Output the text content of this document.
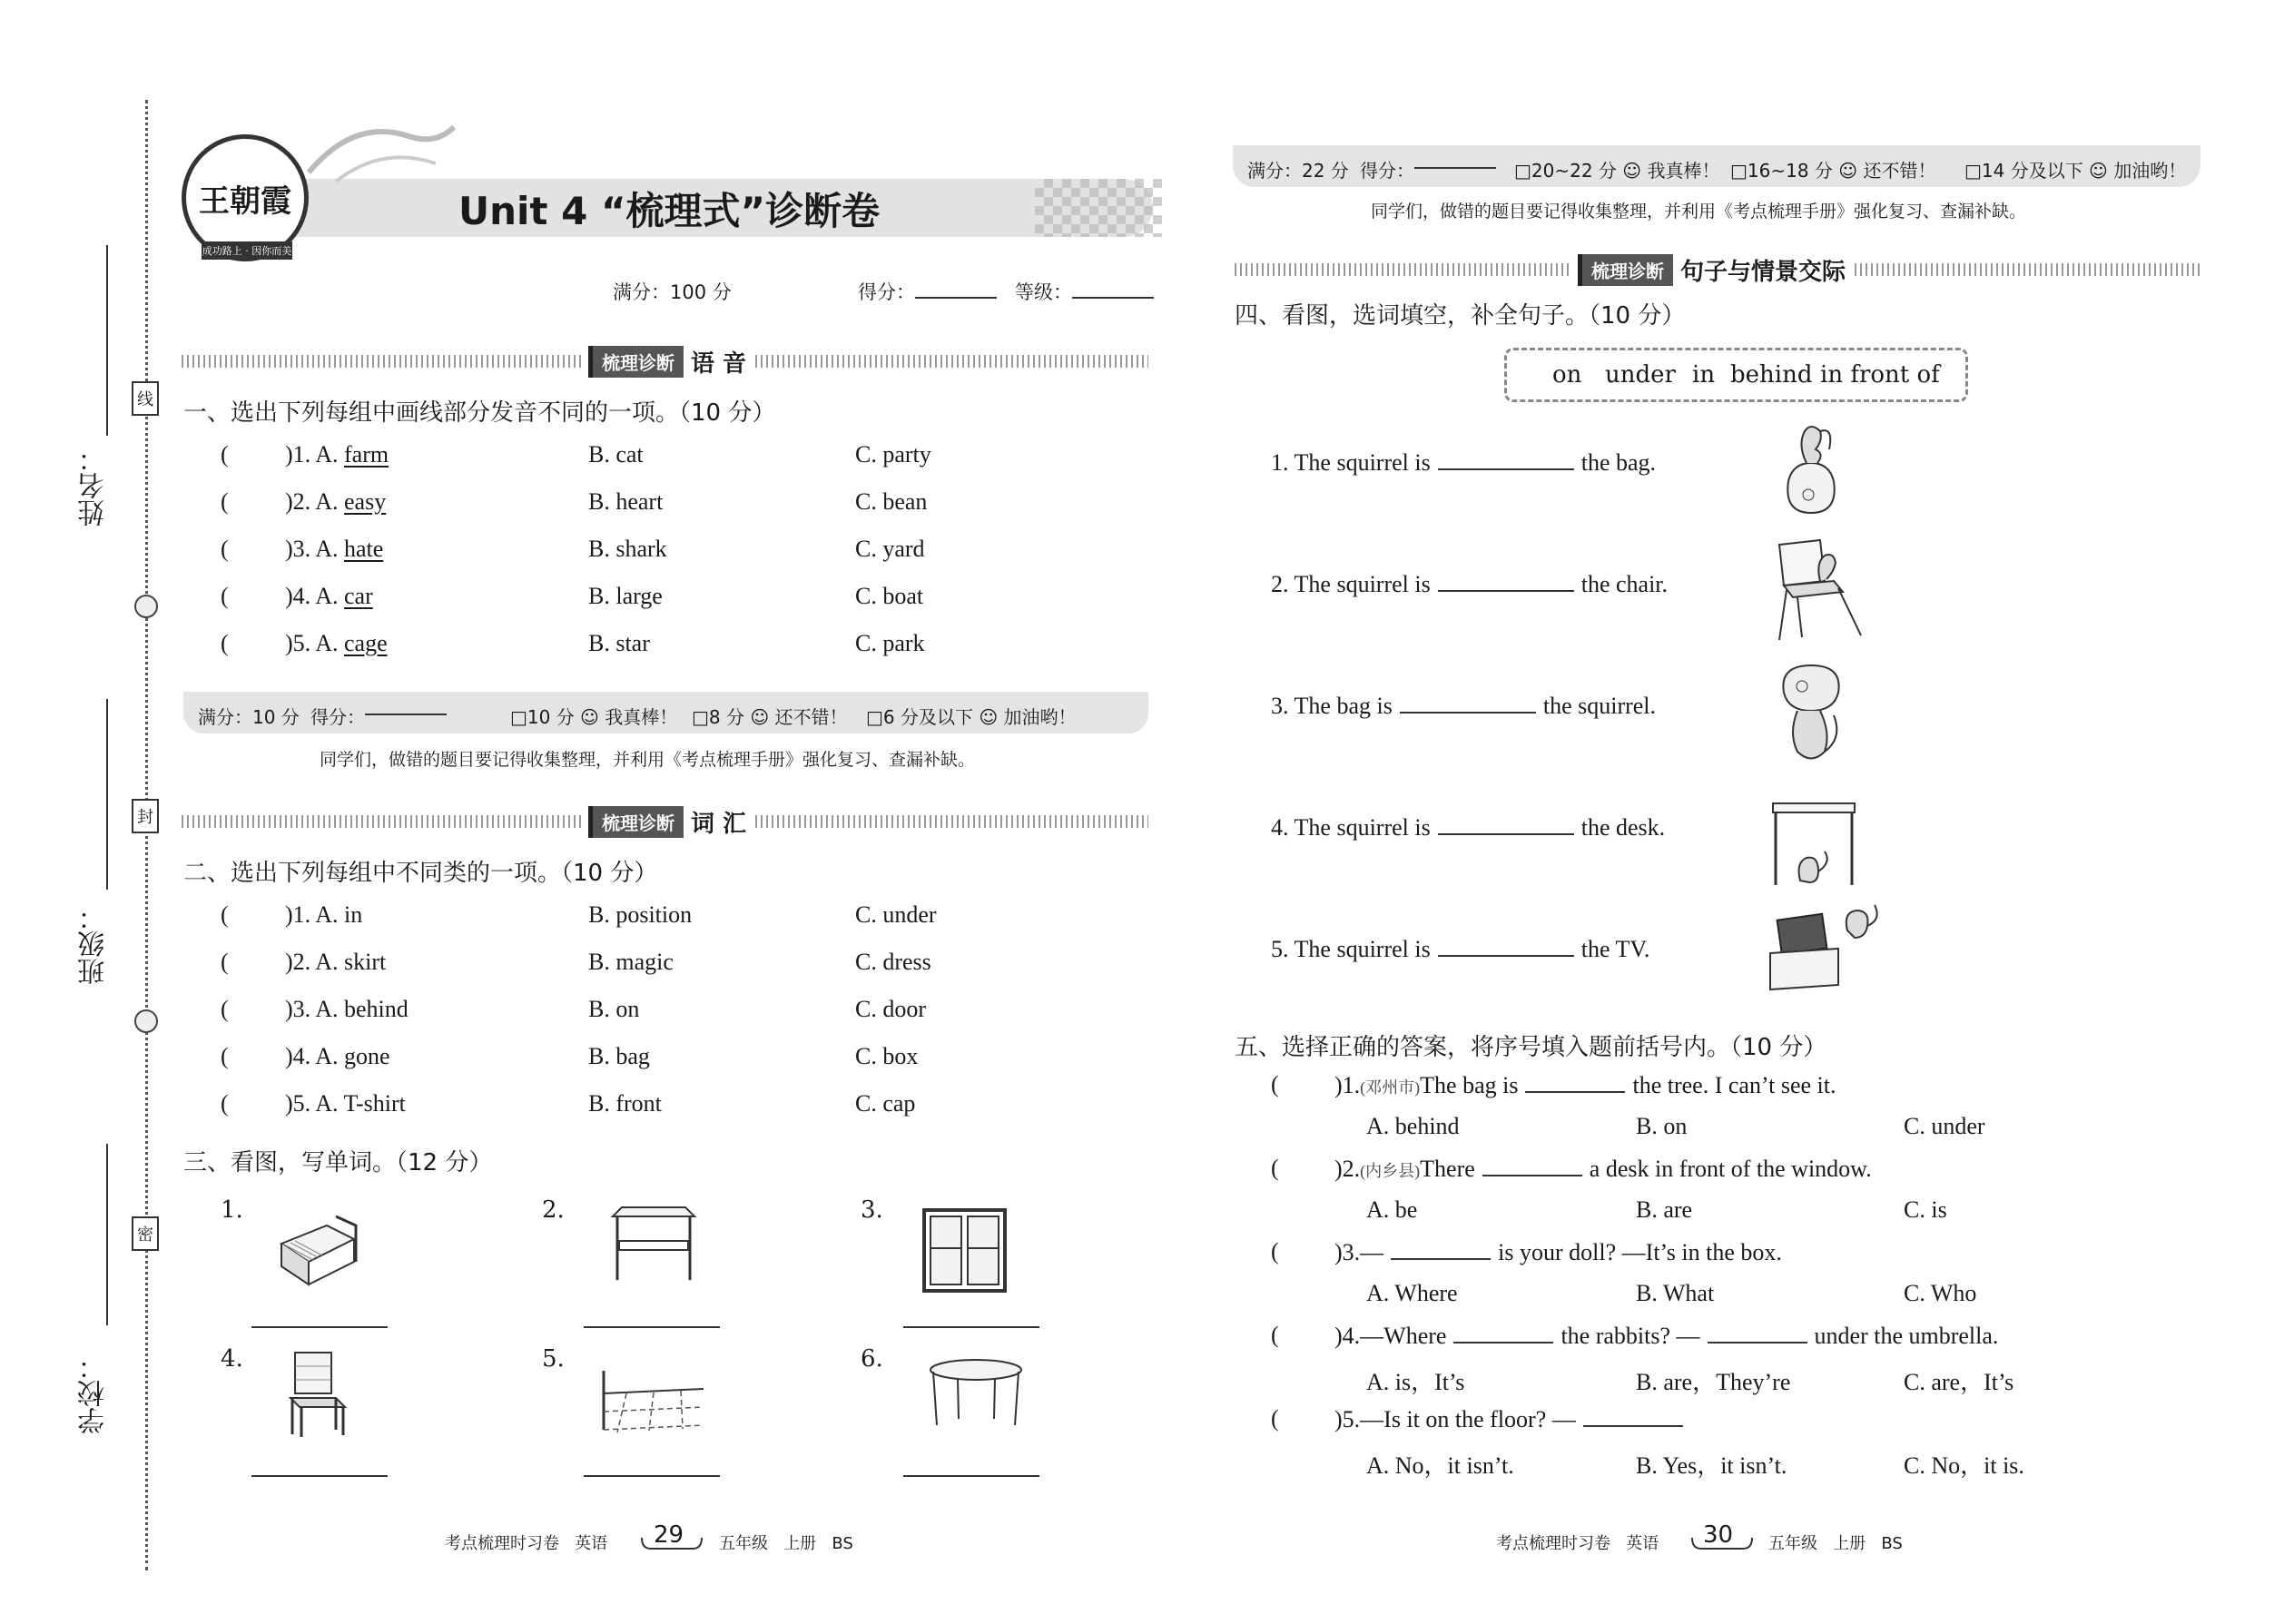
姓名：
班级：
学校：
线
封
密
王朝霞
成功路上 · 因你而美
Unit 4 “梳理式”诊断卷
满分：100 分	得分：	等级：
梳理诊断 语 音
一、选出下列每组中画线部分发音不同的一项。（10 分）
( )1. A. farm	B. cat	C. party
( )2. A. easy	B. heart	C. bean
( )3. A. hate	B. shark	C. yard
( )4. A. car	B. large	C. boat
( )5. A. cage	B. star	C. park
满分：10 分 得分：	□10 分 ☺ 我真棒！ □8 分 ☺ 还不错！ □6 分及以下 ☺ 加油哟！
同学们，做错的题目要记得收集整理，并利用《考点梳理手册》强化复习、查漏补缺。
梳理诊断 词 汇
二、选出下列每组中不同类的一项。（10 分）
( )1. A. in	B. position	C. under
( )2. A. skirt	B. magic	C. dress
( )3. A. behind	B. on	C. door
( )4. A. gone	B. bag	C. box
( )5. A. T-shirt	B. front	C. cap
三、看图，写单词。（12 分）
1.	2.	3.
4.	5.	6.
考点梳理时习卷 英语 29 五年级 上册 BS
满分：22 分 得分：	□20~22 分 ☺ 我真棒！ □16~18 分 ☺ 还不错！ □14 分及以下 ☺ 加油哟！
同学们，做错的题目要记得收集整理，并利用《考点梳理手册》强化复习、查漏补缺。
梳理诊断 句子与情景交际
四、看图，选词填空，补全句子。（10 分）
on under in behind in front of
1. The squirrel is	the bag.
2. The squirrel is	the chair.
3. The bag is	the squirrel.
4. The squirrel is	the desk.
5. The squirrel is	the TV.
五、选择正确的答案，将序号填入题前括号内。（10 分）
( )1.(邓州市)The bag is	the tree. I can’t see it.
A. behind	B. on	C. under
( )2.(内乡县)There	a desk in front of the window.
A. be	B. are	C. is
( )3.—	is your doll? —It’s in the box.
A. Where	B. What	C. Who
( )4.—Where	the rabbits? —	under the umbrella.
A. is，It’s	B. are，They’re	C. are，It’s
( )5.—Is it on the floor? —
A. No，it isn’t.	B. Yes，it isn’t.	C. No，it is.
考点梳理时习卷 英语 30 五年级 上册 BS
